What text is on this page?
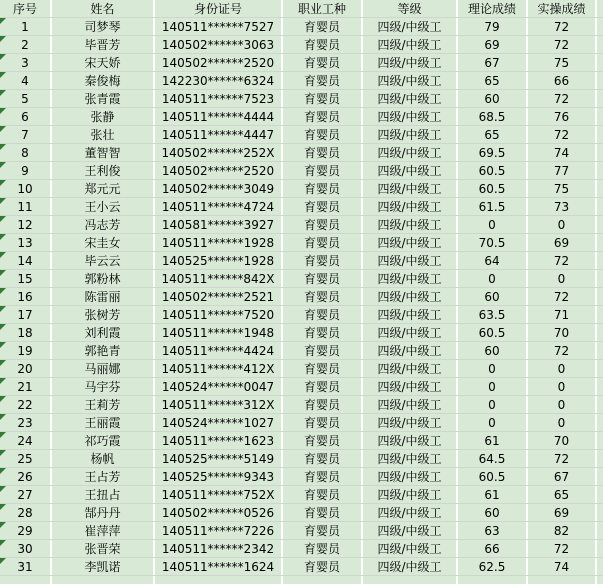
序号	姓名	身份证号	职业工种	等级	理论成绩	实操成绩
1	司梦琴	140511******7527	育婴员	四级/中级工	79	72
2	毕晋芳	140502******3063	育婴员	四级/中级工	69	72
3	宋天娇	140502******2520	育婴员	四级/中级工	67	75
4	秦俊梅	142230******6324	育婴员	四级/中级工	65	66
5	张青霞	140511******7523	育婴员	四级/中级工	60	72
6	张静	140511******4444	育婴员	四级/中级工	68.5	76
7	张壮	140511******4447	育婴员	四级/中级工	65	72
8	董智智	140502******252X	育婴员	四级/中级工	69.5	74
9	王利俊	140502******2520	育婴员	四级/中级工	60.5	77
10	郑元元	140502******3049	育婴员	四级/中级工	60.5	75
11	王小云	140511******4724	育婴员	四级/中级工	61.5	73
12	冯志芳	140581******3927	育婴员	四级/中级工	0	0
13	宋圭女	140511******1928	育婴员	四级/中级工	70.5	69
14	毕云云	140525******1928	育婴员	四级/中级工	64	72
15	郭粉林	140511******842X	育婴员	四级/中级工	0	0
16	陈雷丽	140502******2521	育婴员	四级/中级工	60	72
17	张树芳	140511******7520	育婴员	四级/中级工	63.5	71
18	刘利霞	140511******1948	育婴员	四级/中级工	60.5	70
19	郭艳青	140511******4424	育婴员	四级/中级工	60	72
20	马丽娜	140511******412X	育婴员	四级/中级工	0	0
21	马宇芬	140524******0047	育婴员	四级/中级工	0	0
22	王莉芳	140511******312X	育婴员	四级/中级工	0	0
23	王丽霞	140524******1027	育婴员	四级/中级工	0	0
24	祁巧霞	140511******1623	育婴员	四级/中级工	61	70
25	杨帆	140525******5149	育婴员	四级/中级工	64.5	72
26	王占芳	140525******9343	育婴员	四级/中级工	60.5	67
27	王扭占	140511******752X	育婴员	四级/中级工	61	65
28	郜丹丹	140502******0526	育婴员	四级/中级工	60	69
29	崔萍萍	140511******7226	育婴员	四级/中级工	63	82
30	张晋荣	140511******2342	育婴员	四级/中级工	66	72
31	李凯诺	140511******1624	育婴员	四级/中级工	62.5	74
